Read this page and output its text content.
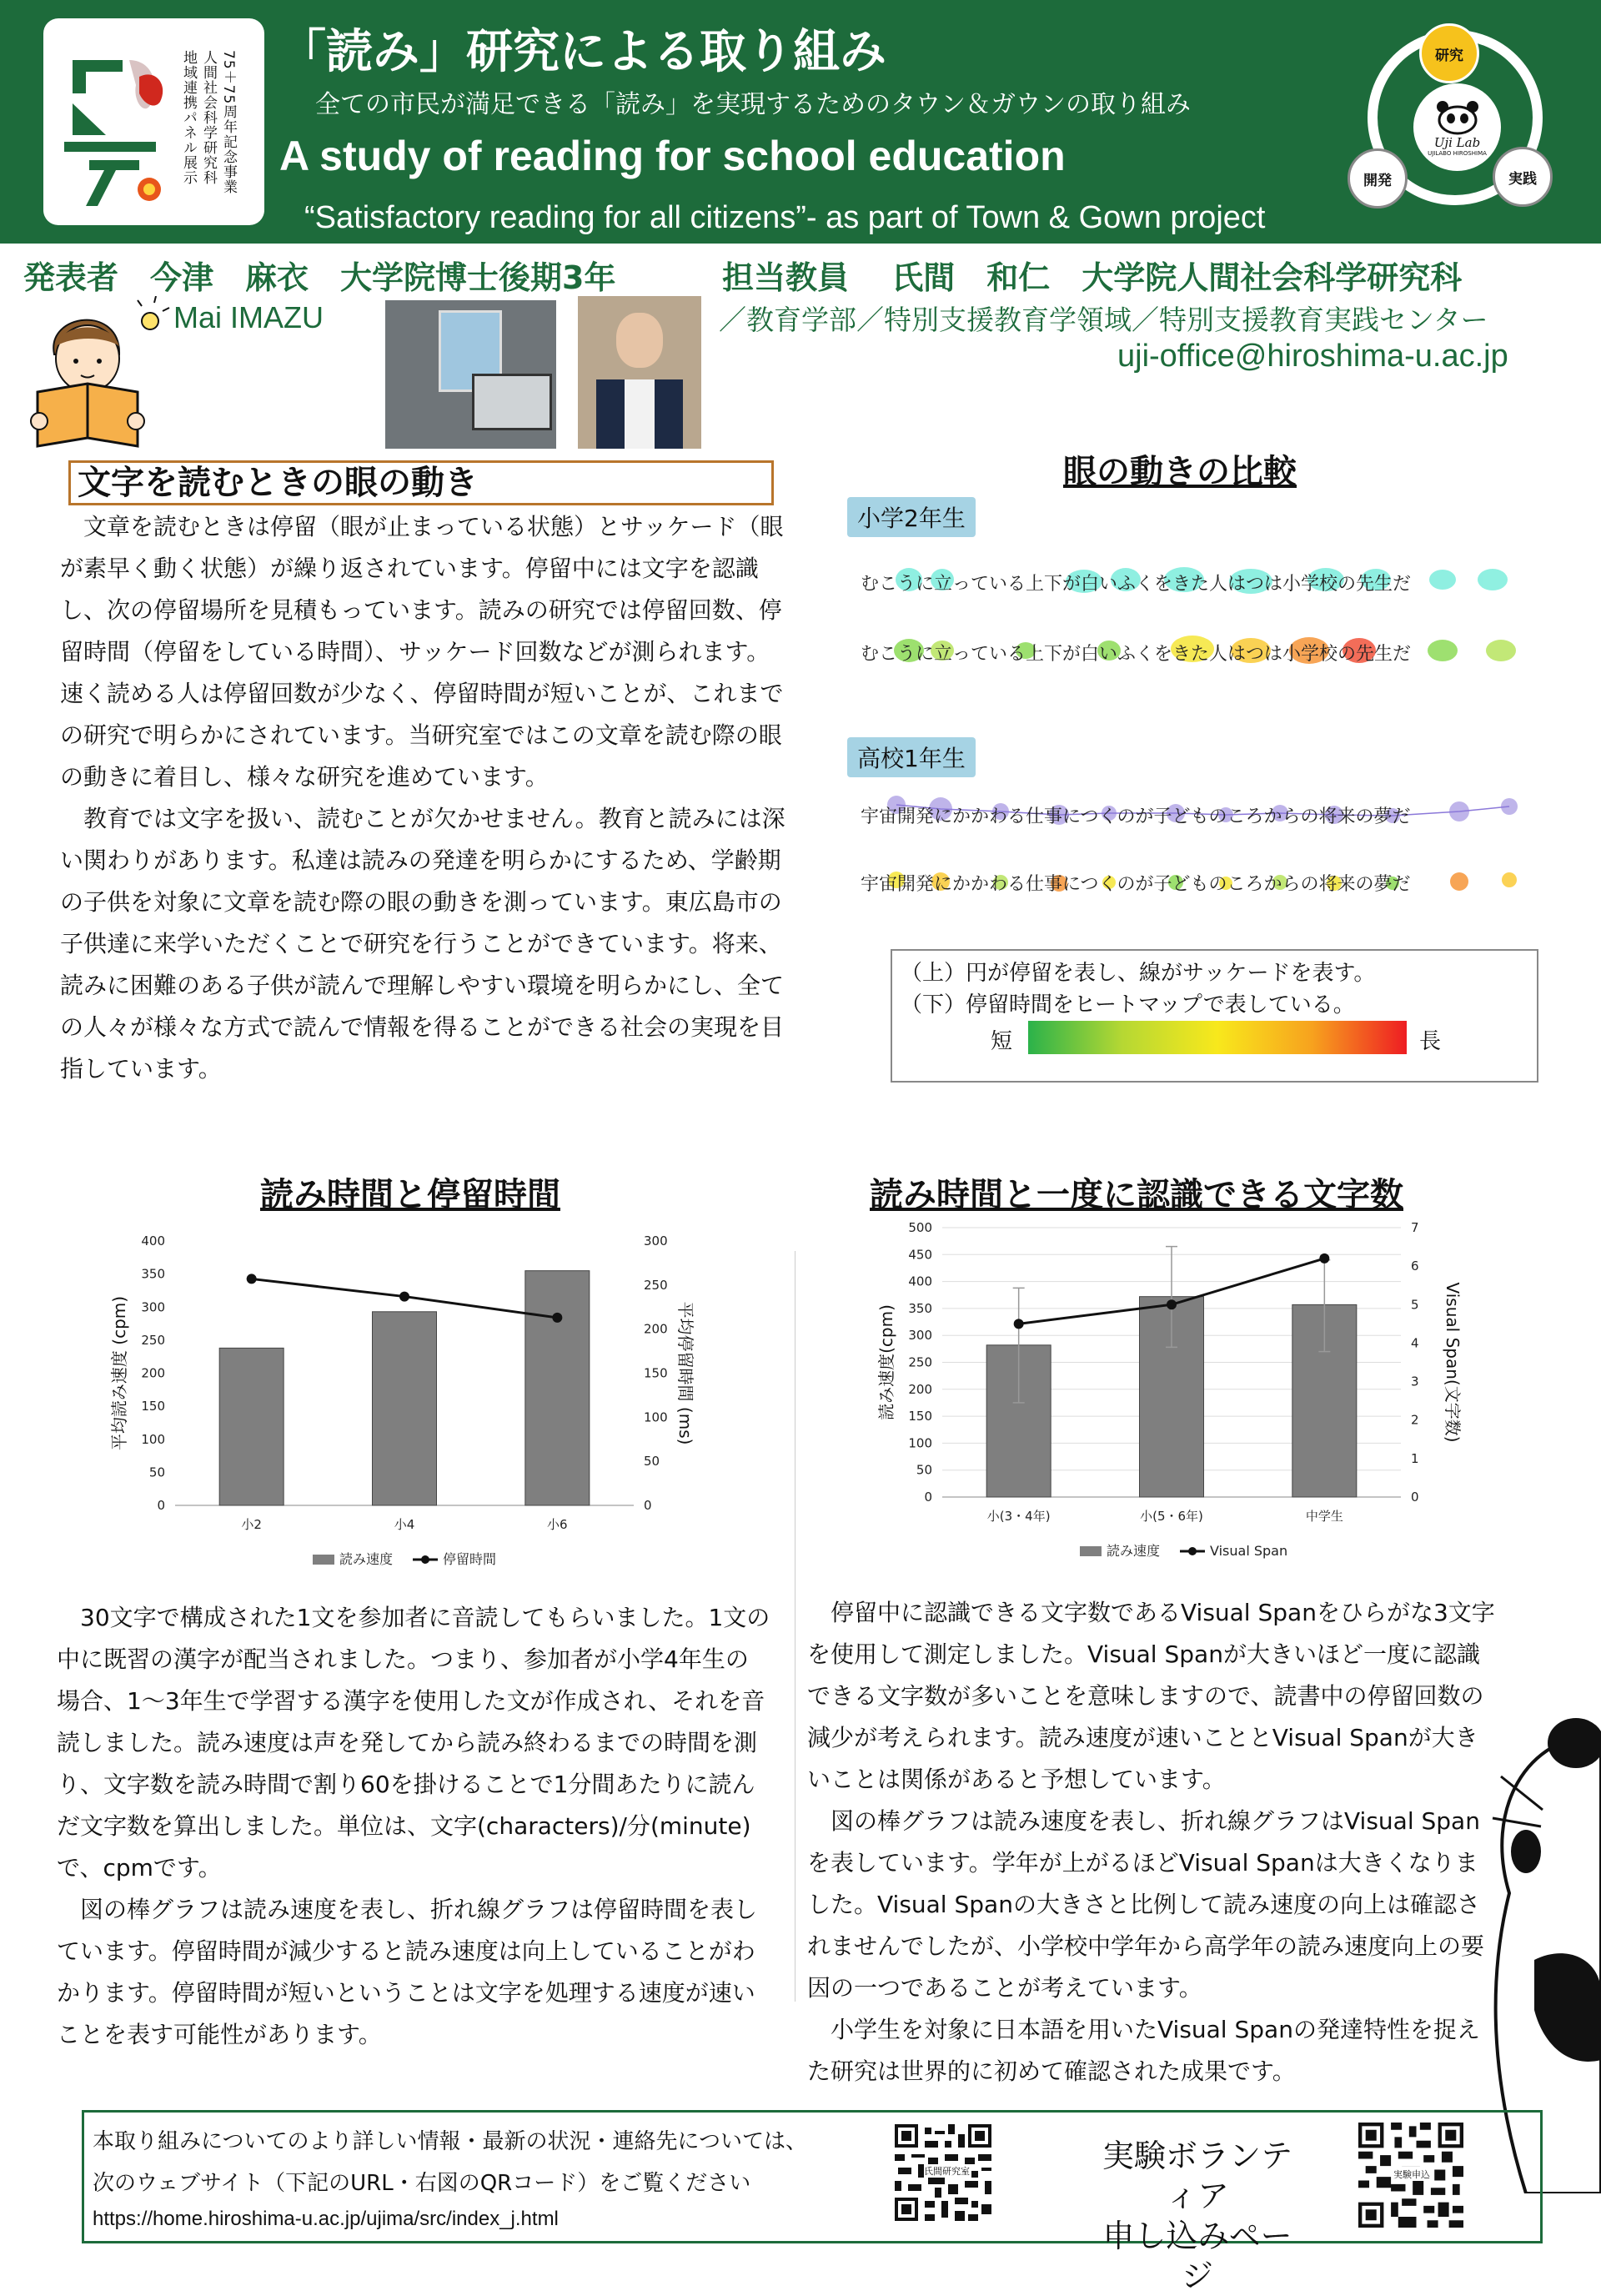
75＋75周年記念事業
人間社会科学研究科
地域連携パネル展示 「読み」研究による取り組み
全ての市民が満足できる「読み」を実現するためのタウン＆ガウンの取り組み
A study of reading for school education
“Satisfactory reading for all citizens”- as part of Town & Gown project
Uji Lab
UJILABO HIROSHIMA
研究
開発	実践
発表者　今津　麻衣　大学院博士後期3年	担当教員　 氏間　和仁　大学院人間社会科学研究科
Mai IMAZU	／教育学部／特別支援教育学領域／特別支援教育実践センター
uji-office@hiroshima-u.ac.jp
文字を読むときの眼の動き

文章を読むときは停留（眼が止まっている状態）とサッケード（眼が素早く動く状態）が繰り返されています。停留中には文字を認識し、次の停留場所を見積もっています。読みの研究では停留回数、停留時間（停留をしている時間）、サッケード回数などが測られます。速く読める人は停留回数が少なく、停留時間が短いことが、これまでの研究で明らかにされています。当研究室ではこの文章を読む際の眼の動きに着目し、様々な研究を進めています。

教育では文字を扱い、読むことが欠かせません。教育と読みには深い関わりがあります。私達は読みの発達を明らかにするため、学齢期の子供を対象に文章を読む際の眼の動きを測っています。東広島市の子供達に来学いただくことで研究を行うことができています。将来、読みに困難のある子供が読んで理解しやすい環境を明らかにし、全ての人々が様々な方式で読んで情報を得ることができる社会の実現を目指しています。

眼の動きの比較
小学2年生
むこうに立っている上下が白いふくをきた人はつは小学校の先生だ
むこうに立っている上下が白いふくをきた人はつは小学校の先生だ
高校1年生
宇宙開発にかかわる仕事につくのが子どものころからの将来の夢だ
宇宙開発にかかわる仕事につくのが子どものころからの将来の夢だ
（上）円が停留を表し、線がサッケードを表す。
（下）停留時間をヒートマップで表している。
短	長
読み時間と停留時間
0
50
100
150
200
250
300
350
400
0
50
100
150
200
250
300
小2	小4	小6
平均読み速度 (cpm)	平均停留時間 (ms)
読み速度	停留時間

30文字で構成された1文を参加者に音読してもらいました。1文の中に既習の漢字が配当されました。つまり、参加者が小学4年生の場合、1～3年生で学習する漢字を使用した文が作成され、それを音読しました。読み速度は声を発してから読み終わるまでの時間を測り、文字数を読み時間で割り60を掛けることで1分間あたりに読んだ文字数を算出しました。単位は、文字(characters)/分(minute)で、cpmです。

図の棒グラフは読み速度を表し、折れ線グラフは停留時間を表しています。停留時間が減少すると読み速度は向上していることがわかります。停留時間が短いということは文字を処理する速度が速いことを表す可能性があります。

読み時間と一度に認識できる文字数
0
50
100
150
200
250
300
350
400
450
500
0
1
2
3
4
5
6
7
小(3・4年)	小(5・6年)	中学生
読み速度(cpm)	Visual Span(文字数)
読み速度	Visual Span

停留中に認識できる文字数であるVisual Spanをひらがな3文字を使用して測定しました。Visual Spanが大きいほど一度に認識できる文字数が多いことを意味しますので、読書中の停留回数の減少が考えられます。読み速度が速いこととVisual Spanが大きいことは関係があると予想しています。

図の棒グラフは読み速度を表し、折れ線グラフはVisual Spanを表しています。学年が上がるほどVisual Spanは大きくなりました。Visual Spanの大きさと比例して読み速度の向上は確認されませんでしたが、小学校中学年から高学年の読み速度向上の要因の一つであることが考えています。

小学生を対象に日本語を用いたVisual Spanの発達特性を捉えた研究は世界的に初めて確認された成果です。

本取り組みについてのより詳しい情報・最新の状況・連絡先については、
次のウェブサイト（下記のURL・右図のQRコード）をご覧ください
https://home.hiroshima-u.ac.jp/ujima/src/index_j.html
氏間研究室	実験ボランティア
申し込みページ
実験申込
